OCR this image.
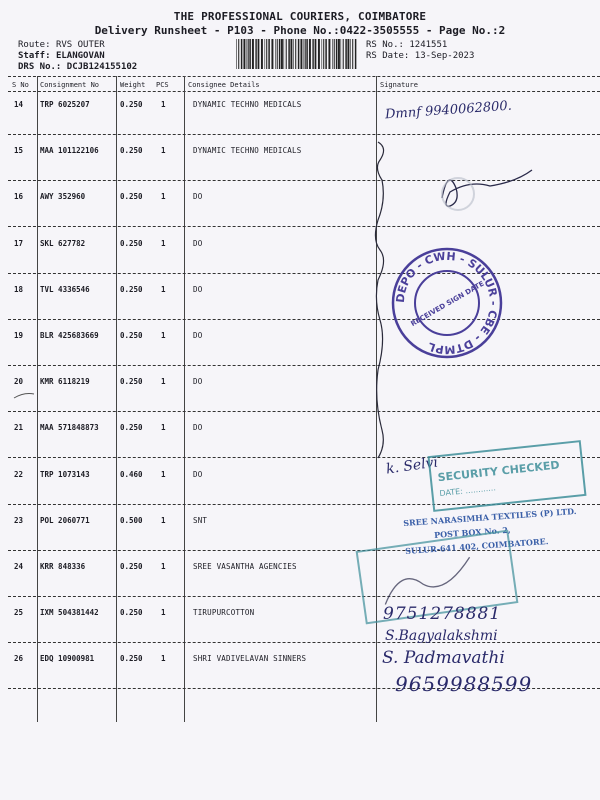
THE PROFESSIONAL COURIERS, COIMBATORE
Delivery Runsheet - P103 - Phone No.:0422-3505555 - Page No.:2
Route: RVS OUTER
Staff: ELANGOVAN
DRS No.: DCJB124155102
RS No.: 1241551
RS Date: 13-Sep-2023
S No Consignment No	Weight PCS	Consignee Details	Signature
14 TRP 6025207	0.250 1	DYNAMIC TECHNO MEDICALS
15 MAA 101122106	0.250 1	DYNAMIC TECHNO MEDICALS
16 AWY 352960	0.250 1	DO
17 SKL 627782	0.250 1	DO
18 TVL 4336546	0.250 1	DO
19 BLR 425683669	0.250 1	DO
20 KMR 6118219	0.250 1	DO
21 MAA 571848873	0.250 1	DO
22 TRP 1073143	0.460 1	DO
23 POL 2060771	0.500 1	SNT
24 KRR 848336	0.250 1	SREE VASANTHA AGENCIES
25 IXM 504381442	0.250 1	TIRUPURCOTTON
26 EDQ 10900981	0.250 1	SHRI VADIVELAVAN SINNERS
Dmnf 9940062800.
DEPO - CWH - SULUR - CBE - DTMPL
RECEIVED SIGN DATE
k. Selvi
SECURITY CHECKED
DATE: ............
SREE NARASIMHA TEXTILES (P) LTD.
POST BOX No. 2,
SULUR-641 402, COIMBATORE.
9751278881
S.Bagyalakshmi
S. Padmavathi
9659988599
